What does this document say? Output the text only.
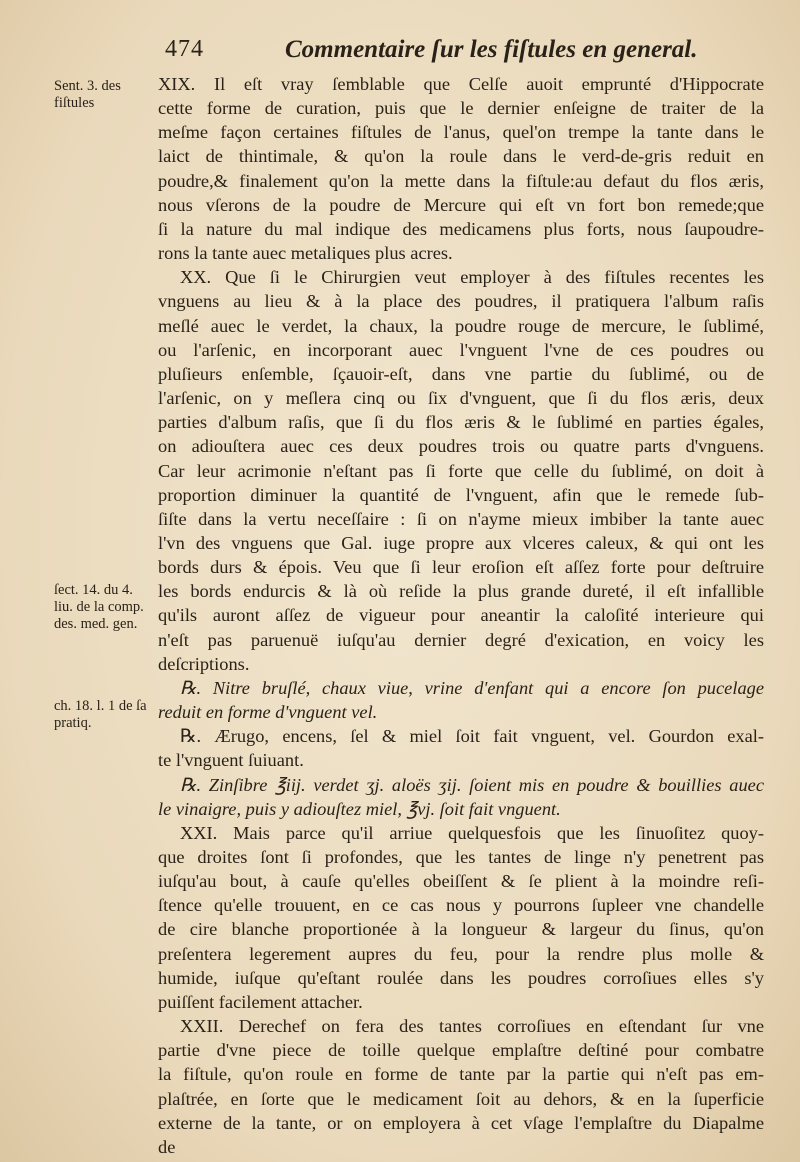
474	Commentaire ſur les fiſtules en general.
Sent. 3. des fiſtules
ſect. 14. du 4. liu. de la comp. des. med. gen.
ch. 18. l. 1 de ſa pratiq.
XIX. Il eſt vray ſemblable que Celſe auoit emprunté d'Hippocrate
cette forme de curation, puis que le dernier enſeigne de traiter de la
meſme façon certaines fiſtules de l'anus, quel'on trempe la tante dans le
laict de thintimale, & qu'on la roule dans le verd-de-gris reduit en
poudre,& finalement qu'on la mette dans la fiſtule:au defaut du flos æris,
nous vſerons de la poudre de Mercure qui eſt vn fort bon remede;que
ſi la nature du mal indique des medicamens plus forts, nous ſaupoudre-
rons la tante auec metaliques plus acres.
XX. Que ſi le Chirurgien veut employer à des fiſtules recentes les
vnguens au lieu & à la place des poudres, il pratiquera l'album raſis
meſlé auec le verdet, la chaux, la poudre rouge de mercure, le ſublimé,
ou l'arſenic, en incorporant auec l'vnguent l'vne de ces poudres ou
pluſieurs enſemble, ſçauoir-eſt, dans vne partie du ſublimé, ou de
l'arſenic, on y meſlera cinq ou ſix d'vnguent, que ſi du flos æris, deux
parties d'album raſis, que ſi du flos æris & le ſublimé en parties égales,
on adiouſtera auec ces deux poudres trois ou quatre parts d'vnguens.
Car leur acrimonie n'eſtant pas ſi forte que celle du ſublimé, on doit à
proportion diminuer la quantité de l'vnguent, afin que le remede ſub-
ſiſte dans la vertu neceſſaire : ſi on n'ayme mieux imbiber la tante auec
l'vn des vnguens que Gal. iuge propre aux vlceres caleux, & qui ont les
bords durs & épois. Veu que ſi leur eroſion eſt aſſez forte pour deſtruire
les bords endurcis & là où reſide la plus grande dureté, il eſt infallible
qu'ils auront aſſez de vigueur pour aneantir la caloſité interieure qui
n'eſt pas paruenuë iuſqu'au dernier degré d'exication, en voicy les
deſcriptions.
℞. Nitre bruſlé, chaux viue, vrine d'enfant qui a encore ſon pucelage
reduit en forme d'vnguent vel.
℞. Ærugo, encens, ſel & miel ſoit fait vnguent, vel. Gourdon exal-
te l'vnguent ſuiuant.
℞. Zinſibre ℥iij. verdet ʒj. aloës ʒij. ſoient mis en poudre & bouillies auec
le vinaigre, puis y adiouſtez miel, ℥vj. ſoit fait vnguent.
XXI. Mais parce qu'il arriue quelquesfois que les ſinuoſitez quoy-
que droites ſont ſi profondes, que les tantes de linge n'y penetrent pas
iuſqu'au bout, à cauſe qu'elles obeiſſent & ſe plient à la moindre reſi-
ſtence qu'elle trouuent, en ce cas nous y pourrons ſupleer vne chandelle
de cire blanche proportionée à la longueur & largeur du ſinus, qu'on
preſentera legerement aupres du feu, pour la rendre plus molle &
humide, iuſque qu'eſtant roulée dans les poudres corroſiues elles s'y
puiſſent facilement attacher.
XXII. Derechef on fera des tantes corroſiues en eſtendant ſur vne
partie d'vne piece de toille quelque emplaſtre deſtiné pour combatre
la fiſtule, qu'on roule en forme de tante par la partie qui n'eſt pas em-
plaſtrée, en ſorte que le medicament ſoit au dehors, & en la ſuperficie
externe de la tante, or on employera à cet vſage l'emplaſtre du Diapalme
de
